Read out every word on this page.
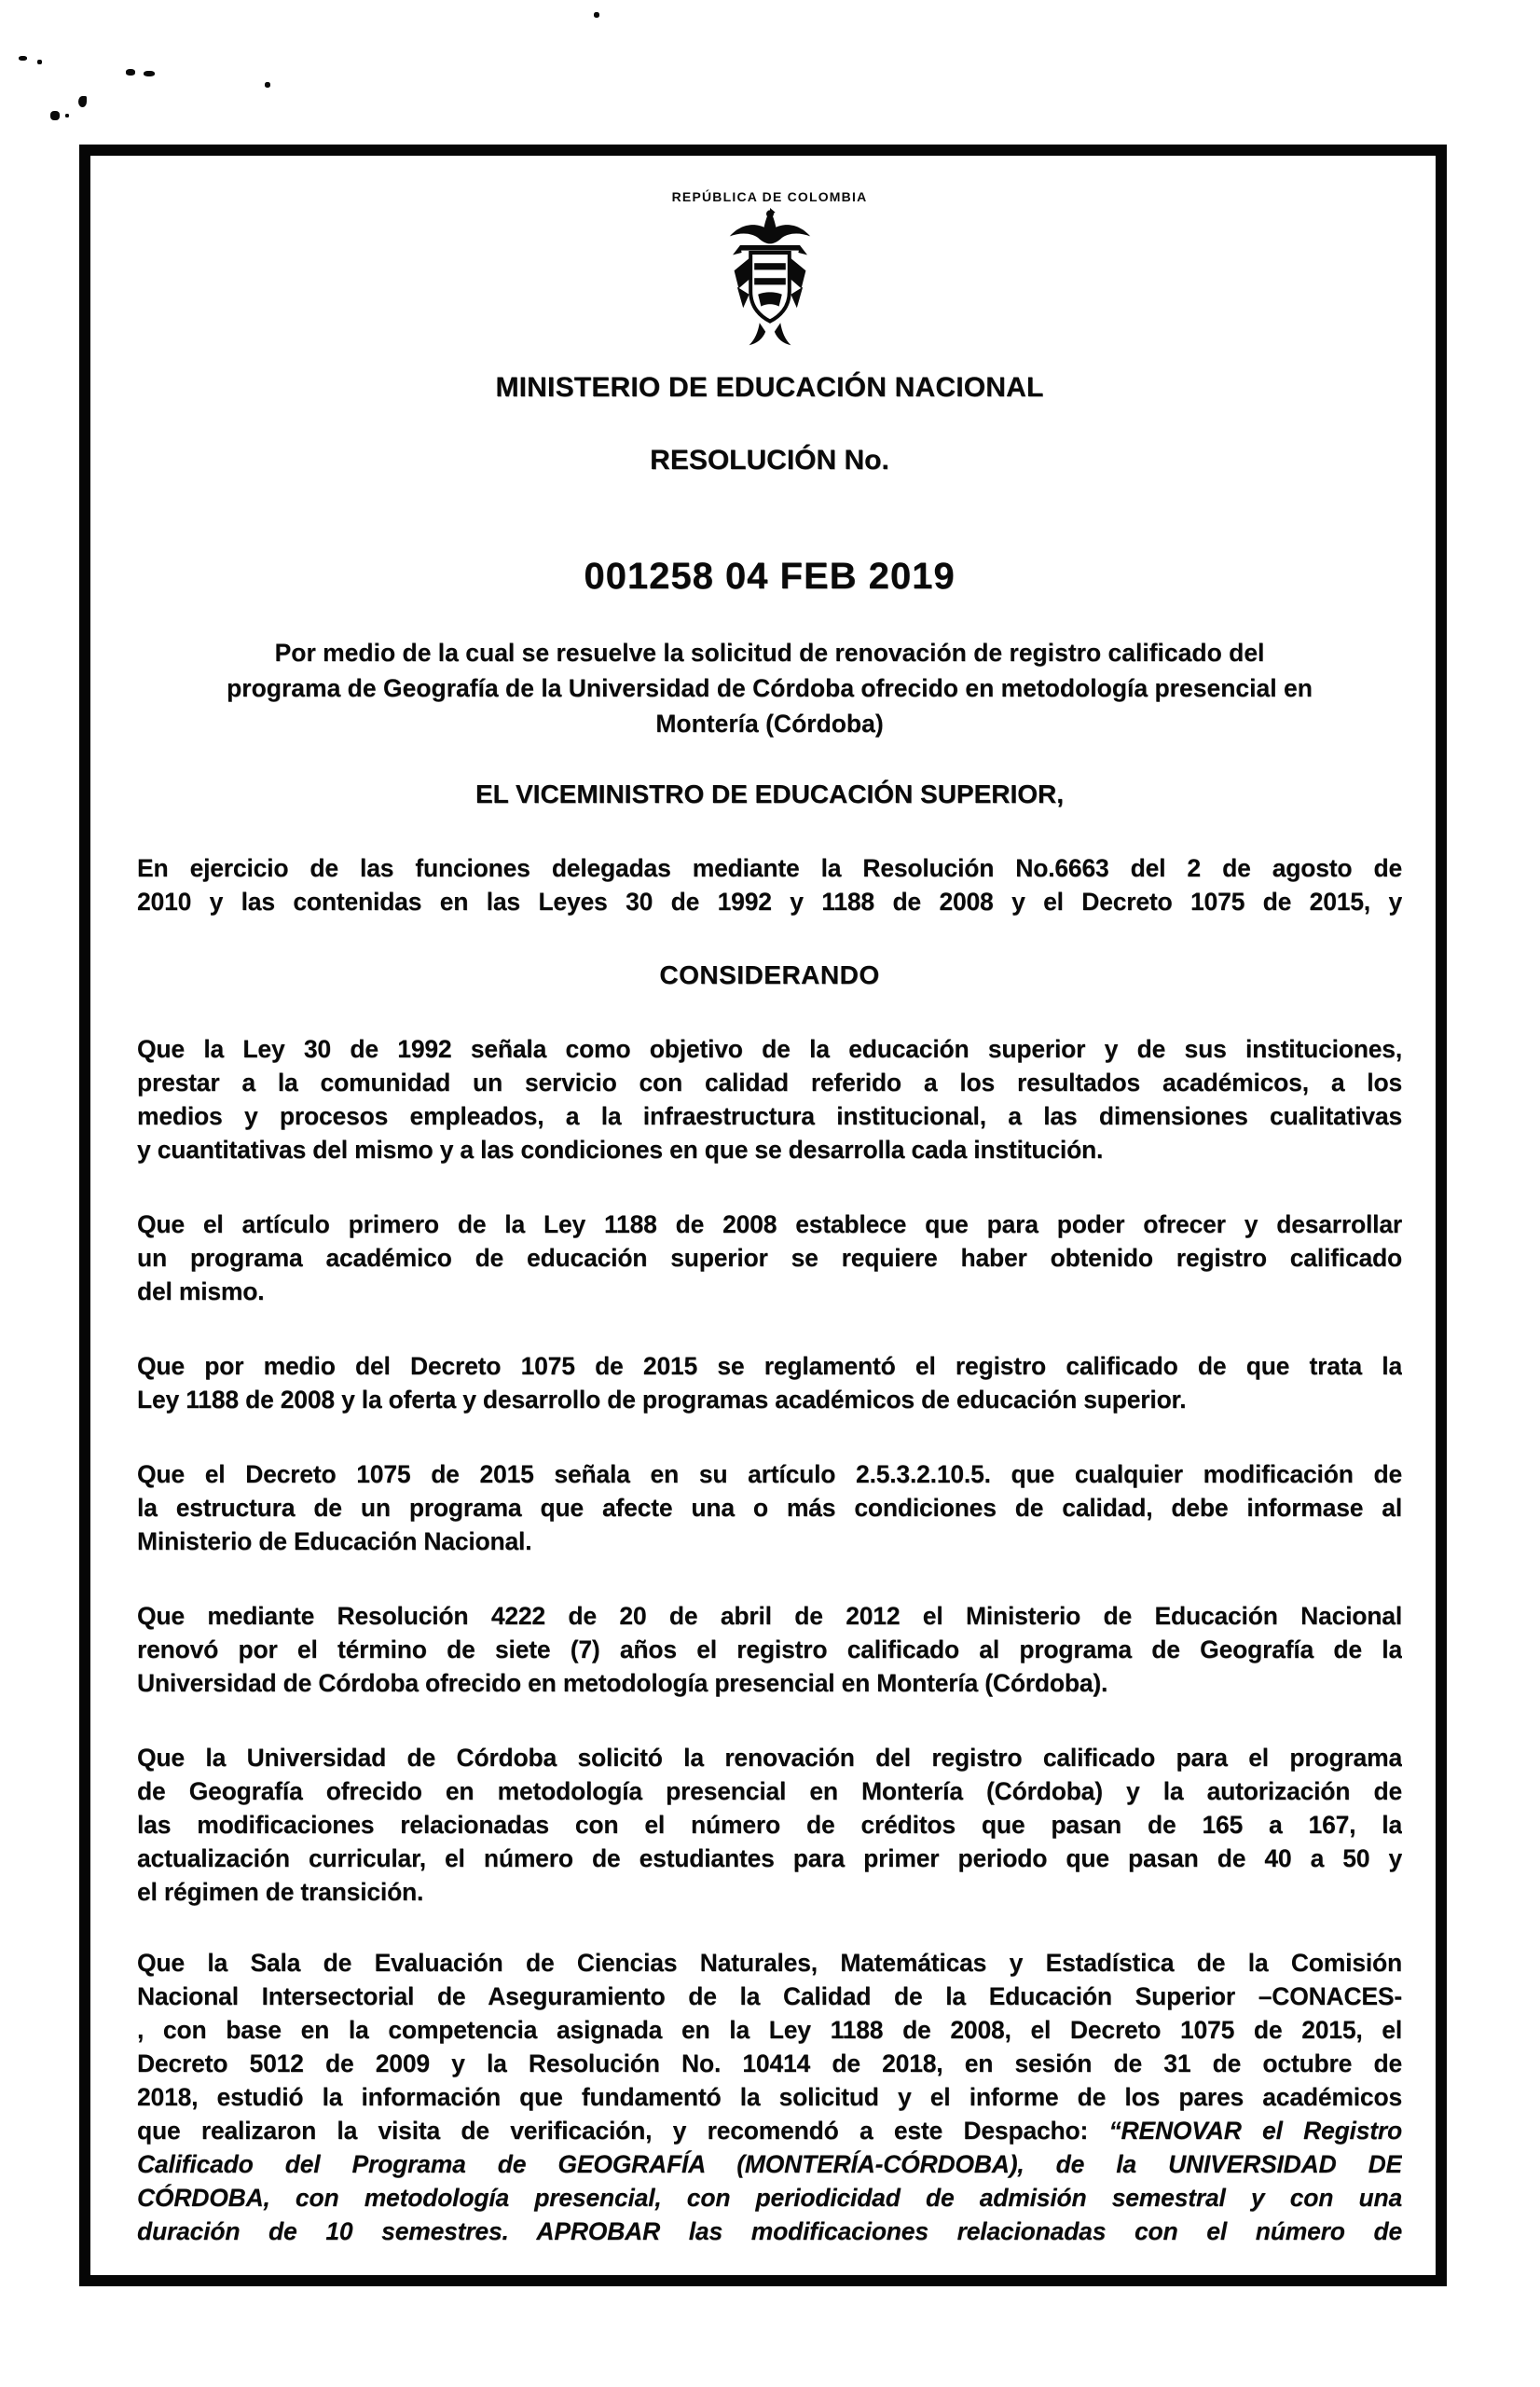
REPÚBLICA DE COLOMBIA
MINISTERIO DE EDUCACIÓN NACIONAL
RESOLUCIÓN No.
001258 04 FEB 2019
Por medio de la cual se resuelve la solicitud de renovación de registro calificado del
programa de Geografía de la Universidad de Córdoba ofrecido en metodología presencial en
Montería (Córdoba)
EL VICEMINISTRO DE EDUCACIÓN SUPERIOR,
En ejercicio de las funciones delegadas mediante la Resolución No.6663 del 2 de agosto de
2010 y las contenidas en las Leyes 30 de 1992 y 1188 de 2008 y el Decreto 1075 de 2015, y
CONSIDERANDO
Que la Ley 30 de 1992 señala como objetivo de la educación superior y de sus instituciones,
prestar a la comunidad un servicio con calidad referido a los resultados académicos, a los
medios y procesos empleados, a la infraestructura institucional, a las dimensiones cualitativas
y cuantitativas del mismo y a las condiciones en que se desarrolla cada institución.
Que el artículo primero de la Ley 1188 de 2008 establece que para poder ofrecer y desarrollar
un programa académico de educación superior se requiere haber obtenido registro calificado
del mismo.
Que por medio del Decreto 1075 de 2015 se reglamentó el registro calificado de que trata la
Ley 1188 de 2008 y la oferta y desarrollo de programas académicos de educación superior.
Que el Decreto 1075 de 2015 señala en su artículo 2.5.3.2.10.5. que cualquier modificación de
la estructura de un programa que afecte una o más condiciones de calidad, debe informase al
Ministerio de Educación Nacional.
Que mediante Resolución 4222 de 20 de abril de 2012 el Ministerio de Educación Nacional
renovó por el término de siete (7) años el registro calificado al programa de Geografía de la
Universidad de Córdoba ofrecido en metodología presencial en Montería (Córdoba).
Que la Universidad de Córdoba solicitó la renovación del registro calificado para el programa
de Geografía ofrecido en metodología presencial en Montería (Córdoba) y la autorización de
las modificaciones relacionadas con el número de créditos que pasan de 165 a 167, la
actualización curricular, el número de estudiantes para primer periodo que pasan de 40 a 50 y
el régimen de transición.
Que la Sala de Evaluación de Ciencias Naturales, Matemáticas y Estadística de la Comisión
Nacional Intersectorial de Aseguramiento de la Calidad de la Educación Superior –CONACES-
, con base en la competencia asignada en la Ley 1188 de 2008, el Decreto 1075 de 2015, el
Decreto 5012 de 2009 y la Resolución No. 10414 de 2018, en sesión de 31 de octubre de
2018, estudió la información que fundamentó la solicitud y el informe de los pares académicos
que realizaron la visita de verificación, y recomendó a este Despacho: “RENOVAR el Registro
Calificado del Programa de GEOGRAFÍA (MONTERÍA-CÓRDOBA), de la UNIVERSIDAD DE
CÓRDOBA, con metodología presencial, con periodicidad de admisión semestral y con una
duración de 10 semestres. APROBAR las modificaciones relacionadas con el número de
